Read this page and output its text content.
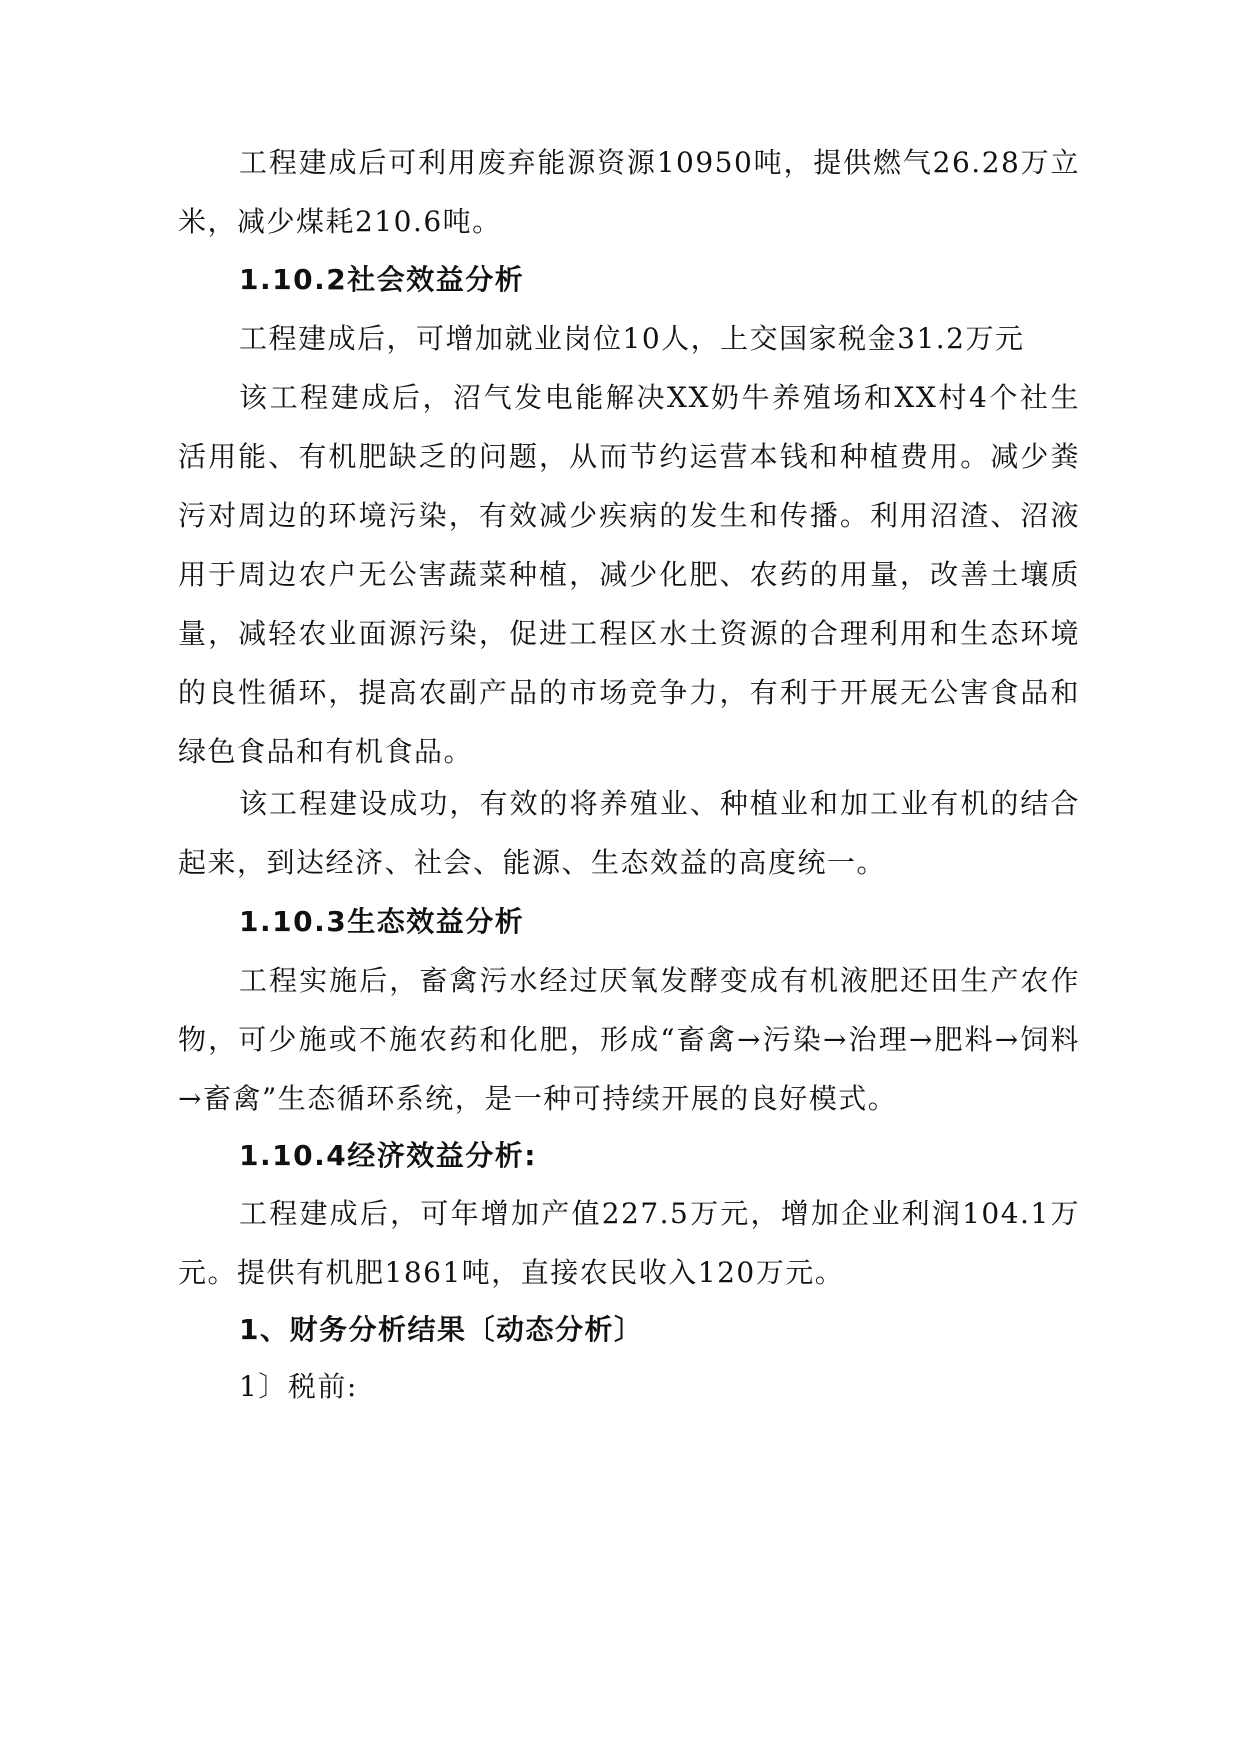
工程建成后可利用废弃能源资源10950吨，提供燃气26.28万立米，减少煤耗210.6吨。

1.10.2社会效益分析

工程建成后，可增加就业岗位10人，上交国家税金31.2万元

该工程建成后，沼气发电能解决XX奶牛养殖场和XX村4个社生活用能、有机肥缺乏的问题，从而节约运营本钱和种植费用。减少粪污对周边的环境污染，有效减少疾病的发生和传播。利用沼渣、沼液用于周边农户无公害蔬菜种植，减少化肥、农药的用量，改善土壤质量，减轻农业面源污染，促进工程区水土资源的合理利用和生态环境的良性循环，提高农副产品的市场竞争力，有利于开展无公害食品和绿色食品和有机食品。

该工程建设成功，有效的将养殖业、种植业和加工业有机的结合起来，到达经济、社会、能源、生态效益的高度统一。

1.10.3生态效益分析

工程实施后，畜禽污水经过厌氧发酵变成有机液肥还田生产农作物，可少施或不施农药和化肥，形成“畜禽→污染→治理→肥料→饲料→畜禽”生态循环系统，是一种可持续开展的良好模式。

1.10.4经济效益分析:

工程建成后，可年增加产值227.5万元，增加企业利润104.1万元。提供有机肥1861吨，直接农民收入120万元。

1、财务分析结果〔动态分析〕

1〕税前:
